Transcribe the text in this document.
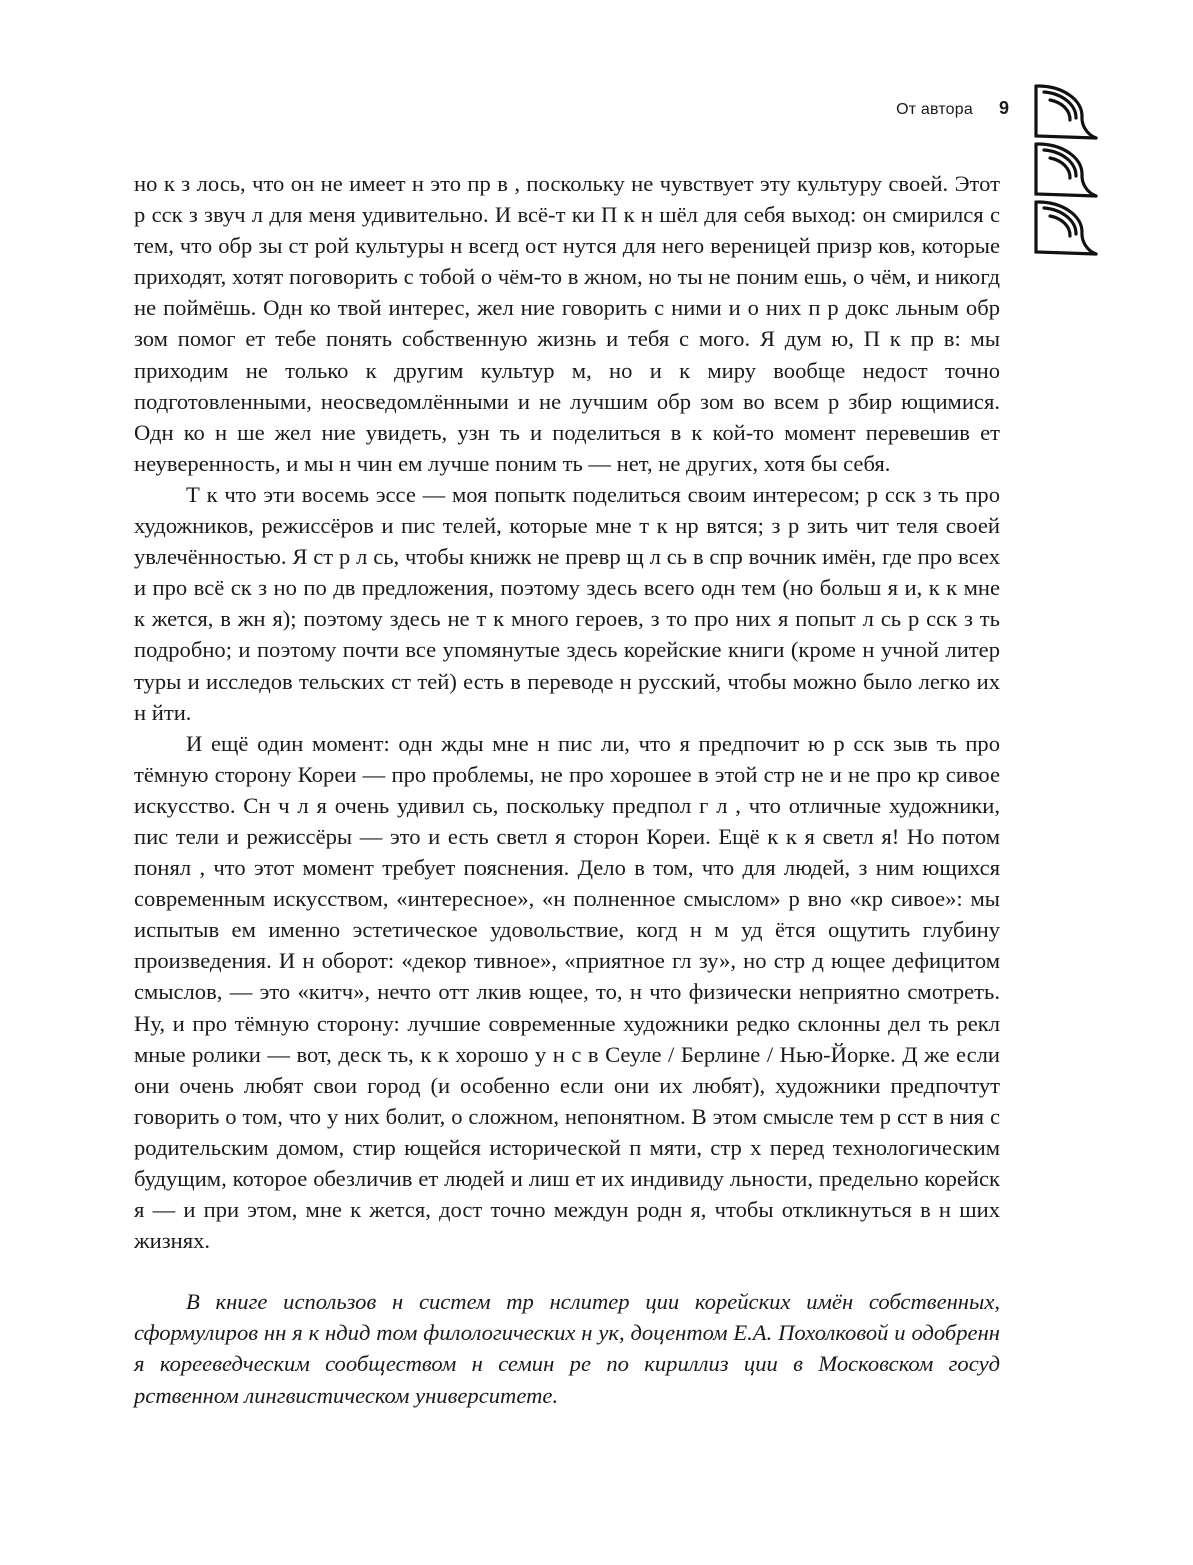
От автора 9

но к з лось, что он не имеет н это пр в , поскольку не чувствует эту культуру своей. Этот р сск з звуч л для меня удивительно. И всё-т ки П к н шёл для себя выход: он смирился с тем, что обр зы ст рой культуры н всегд ост нутся для него вереницей призр ков, которые приходят, хотят поговорить с тобой о чём-то в жном, но ты не поним ешь, о чём, и никогд не поймёшь. Одн ко твой интерес, жел ние говорить с ними и о них п р докс льным обр зом помог ет тебе понять собственную жизнь и тебя с мого. Я дум ю, П к пр в: мы приходим не только к другим культур м, но и к миру вообще недост точно подготовленными, неосведомлёнными и не лучшим обр зом во всем р збир ющимися. Одн ко н ше жел ние увидеть, узн ть и поделиться в к кой-то момент перевешив ет неуверенность, и мы н чин ем лучше поним ть — нет, не других, хотя бы себя.

Т к что эти восемь эссе — моя попытк поделиться своим интересом; р сск з ть про художников, режиссёров и пис телей, которые мне т к нр вятся; з р зить чит теля своей увлечённостью. Я ст р л сь, чтобы книжк не превр щ л сь в спр вочник имён, где про всех и про всё ск з но по дв предложения, поэтому здесь всего одн тем (но больш я и, к к мне к жется, в жн я); поэтому здесь не т к много героев, з то про них я попыт л сь р сск з ть подробно; и поэтому почти все упомянутые здесь корейские книги (кроме н учной литер туры и исследов тельских ст тей) есть в переводе н русский, чтобы можно было легко их н йти.

И ещё один момент: одн жды мне н пис ли, что я предпочит ю р сск зыв ть про тёмную сторону Кореи — про проблемы, не про хорошее в этой стр не и не про кр сивое искусство. Сн ч л я очень удивил сь, поскольку предпол г л , что отличные художники, пис тели и режиссёры — это и есть светл я сторон Кореи. Ещё к к я светл я! Но потом понял , что этот момент требует пояснения. Дело в том, что для людей, з ним ющихся современным искусством, «интересное», «н полненное смыслом» р вно «кр сивое»: мы испытыв ем именно эстетическое удовольствие, когд н м уд ётся ощутить глубину произведения. И н оборот: «декор тивное», «приятное гл зу», но стр д ющее дефицитом смыслов, — это «китч», нечто отт лкив ющее, то, н что физически неприятно смотреть. Ну, и про тёмную сторону: лучшие современные художники редко склонны дел ть рекл мные ролики — вот, деск ть, к к хорошо у н с в Сеуле / Берлине / Нью-Йорке. Д же если они очень любят свои город (и особенно если они их любят), художники предпочтут говорить о том, что у них болит, о сложном, непонятном. В этом смысле тем р сст в ния с родительским домом, стир ющейся исторической п мяти, стр х перед технологическим будущим, которое обезличив ет людей и лиш ет их индивиду льности, предельно корейск я — и при этом, мне к жется, дост точно междун родн я, чтобы откликнуться в н ших жизнях.

В книге использов н систем тр нслитер ции корейских имён собственных, сформулиров нн я к ндид том филологических н ук, доцентом Е.А. Похолковой и одобренн я корееведческим сообществом н семин ре по кириллиз ции в Московском госуд рственном лингвистическом университете.
